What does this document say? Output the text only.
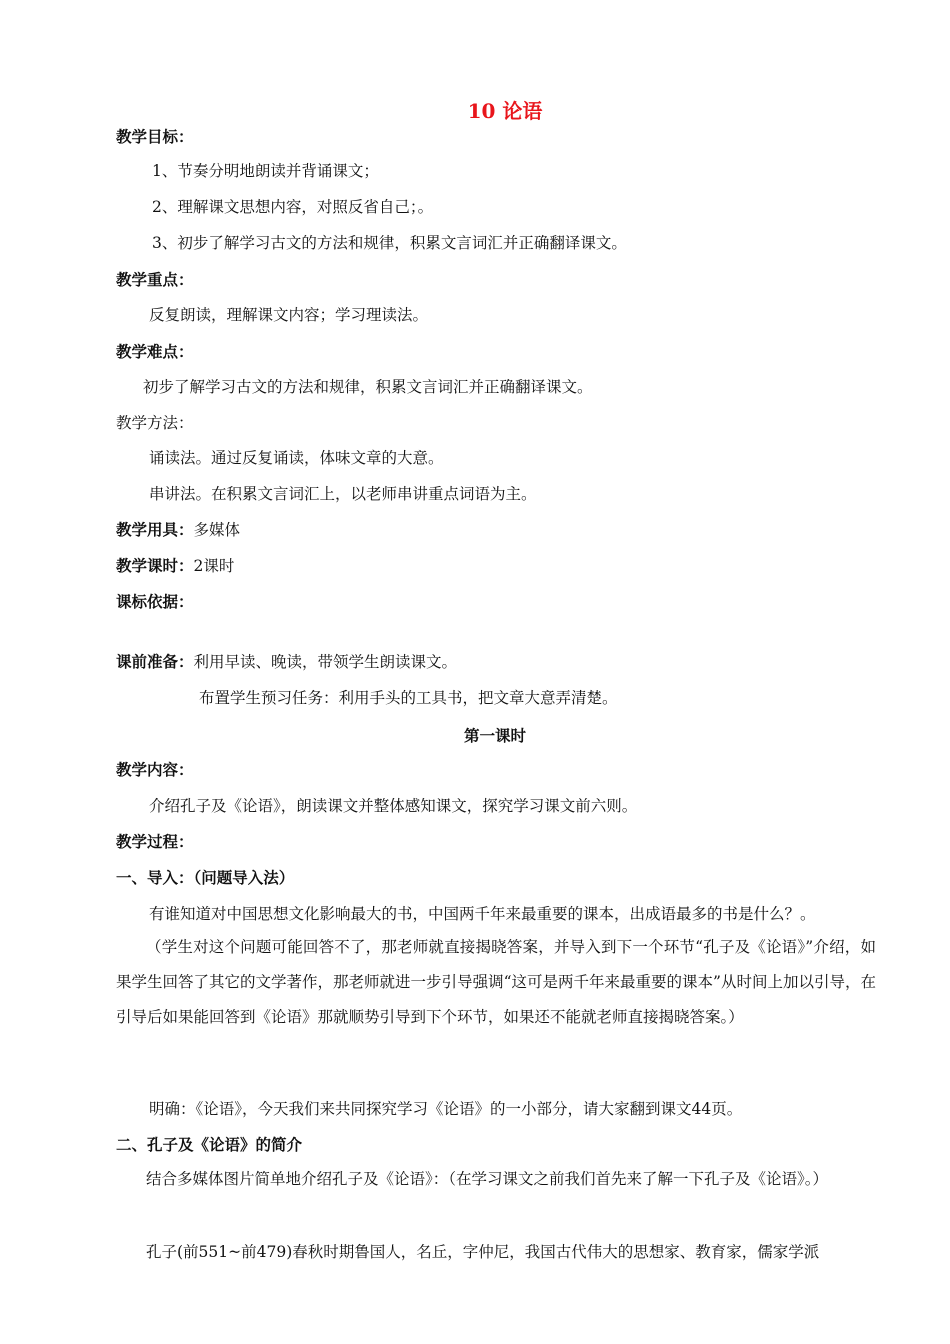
10 论语
教学目标：
1、节奏分明地朗读并背诵课文；
2、理解课文思想内容，对照反省自己；。
3、初步了解学习古文的方法和规律，积累文言词汇并正确翻译课文。
教学重点：
反复朗读，理解课文内容；学习理读法。
教学难点：
初步了解学习古文的方法和规律，积累文言词汇并正确翻译课文。
教学方法：
诵读法。通过反复诵读，体味文章的大意。
串讲法。在积累文言词汇上，以老师串讲重点词语为主。
教学用具：多媒体
教学课时：2课时
课标依据：
课前准备：利用早读、晚读，带领学生朗读课文。
布置学生预习任务：利用手头的工具书，把文章大意弄清楚。
第一课时
教学内容：
介绍孔子及《论语》，朗读课文并整体感知课文，探究学习课文前六则。
教学过程：
一、导入：（问题导入法）
有谁知道对中国思想文化影响最大的书，中国两千年来最重要的课本，出成语最多的书是什么？。
（学生对这个问题可能回答不了，那老师就直接揭晓答案，并导入到下一个环节“孔子及《论语》”介绍，如果学生回答了其它的文学著作，那老师就进一步引导强调“这可是两千年来最重要的课本”从时间上加以引导，在引导后如果能回答到《论语》那就顺势引导到下个环节，如果还不能就老师直接揭晓答案。）
明确：《论语》，今天我们来共同探究学习《论语》的一小部分，请大家翻到课文44页。
二、孔子及《论语》的简介
结合多媒体图片简单地介绍孔子及《论语》：（在学习课文之前我们首先来了解一下孔子及《论语》。）
孔子(前551~前479)春秋时期鲁国人，名丘，字仲尼，我国古代伟大的思想家、教育家，儒家学派
